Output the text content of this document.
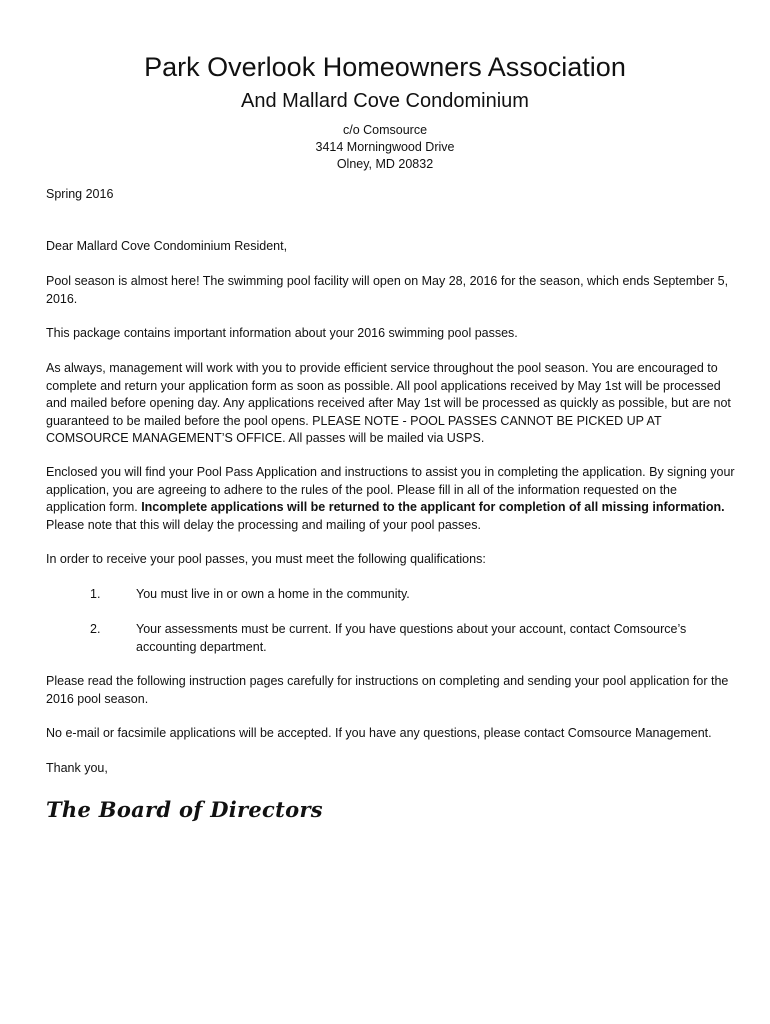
Park Overlook Homeowners Association
And Mallard Cove Condominium

c/o Comsource

3414 Morningwood Drive

Olney, MD 20832

Spring 2016

Dear Mallard Cove Condominium Resident,

Pool season is almost here! The swimming pool facility will open on May 28, 2016 for the season, which ends September 5, 2016.

This package contains important information about your 2016 swimming pool passes.

As always, management will work with you to provide efficient service throughout the pool season. You are encouraged to complete and return your application form as soon as possible. All pool applications received by May 1st will be processed and mailed before opening day. Any applications received after May 1st will be processed as quickly as possible, but are not guaranteed to be mailed before the pool opens. PLEASE NOTE - POOL PASSES CANNOT BE PICKED UP AT COMSOURCE MANAGEMENT’S OFFICE. All passes will be mailed via USPS.

Enclosed you will find your Pool Pass Application and instructions to assist you in completing the application. By signing your application, you are agreeing to adhere to the rules of the pool. Please fill in all of the information requested on the application form. Incomplete applications will be returned to the applicant for completion of all missing information. Please note that this will delay the processing and mailing of your pool passes.

In order to receive your pool passes, you must meet the following qualifications:

1.	You must live in or own a home in the community.
2.	Your assessments must be current. If you have questions about your account, contact Comsource’s accounting department.

Please read the following instruction pages carefully for instructions on completing and sending your pool application for the 2016 pool season.

No e-mail or facsimile applications will be accepted. If you have any questions, please contact Comsource Management.

Thank you,

The Board of Directors
